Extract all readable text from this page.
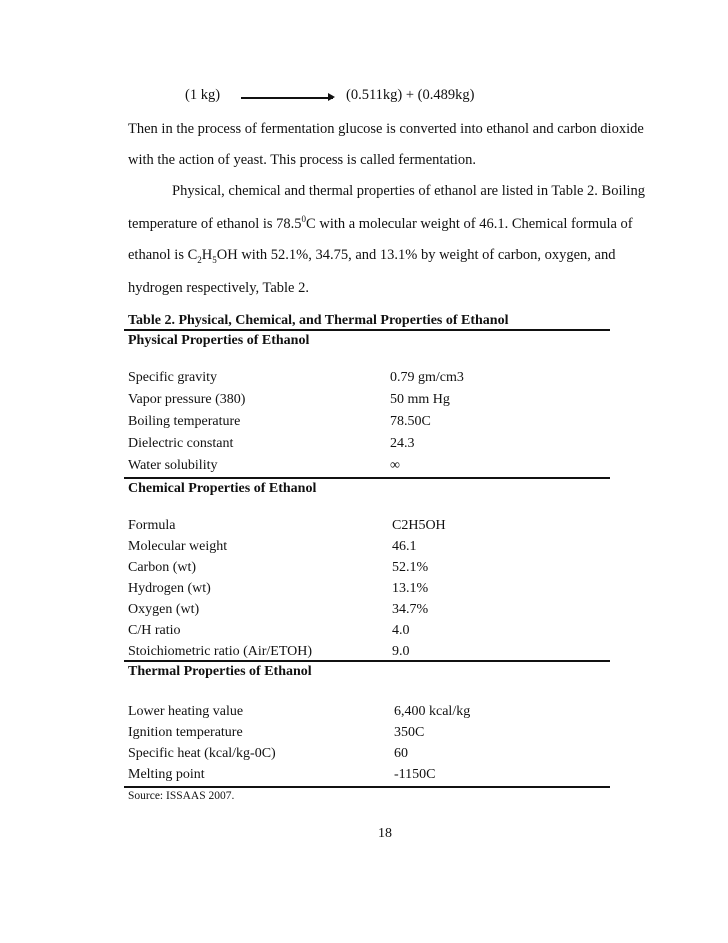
(1 kg)	(0.511kg) + (0.489kg)
Then in the process of fermentation glucose is converted into ethanol and carbon dioxide
with the action of yeast. This process is called fermentation.
Physical, chemical and thermal properties of ethanol are listed in Table 2. Boiling
temperature of ethanol is 78.5$^0$C with a molecular weight of 46.1. Chemical formula of
ethanol is $C_2H_5OH$ with 52.1%, 34.75, and 13.1% by weight of carbon, oxygen, and
hydrogen respectively, Table 2.
Table 2. Physical, Chemical, and Thermal Properties of Ethanol
Physical Properties of Ethanol
Specific gravity	0.79 gm/cm3
Vapor pressure (380)	50 mm Hg
Boiling temperature	78.50C
Dielectric constant	24.3
Water solubility	∞
Chemical Properties of Ethanol
Formula	C2H5OH
Molecular weight	46.1
Carbon (wt)	52.1%
Hydrogen (wt)	13.1%
Oxygen (wt)	34.7%
C/H ratio	4.0
Stoichiometric ratio (Air/ETOH)	9.0
Thermal Properties of Ethanol
Lower heating value	6,400 kcal/kg
Ignition temperature	350C
Specific heat (kcal/kg-0C)	60
Melting point	-1150C
Source: ISSAAS 2007.
18
